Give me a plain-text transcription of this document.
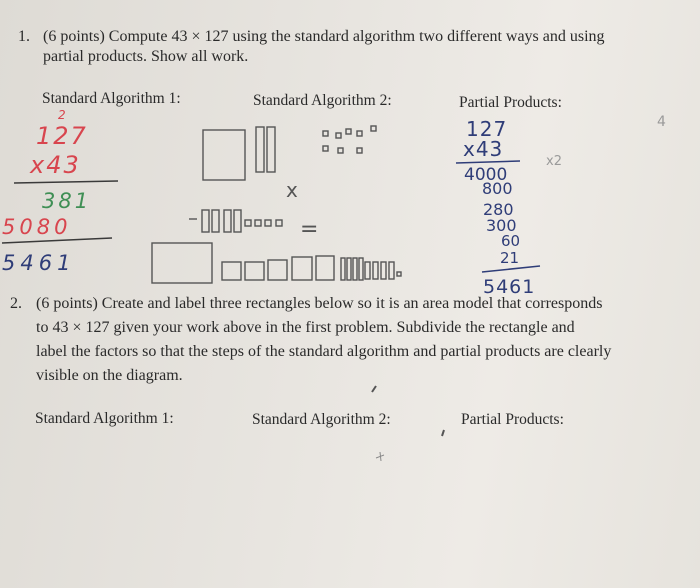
1. (6 points) Compute 43 × 127 using the standard algorithm two different ways and using
partial products. Show all work.
Standard Algorithm 1:	Standard Algorithm 2:	Partial Products:
2. (6 points) Create and label three rectangles below so it is an area model that corresponds
to 43 × 127 given your work above in the first problem. Subdivide the rectangle and
label the factors so that the steps of the standard algorithm and partial products are clearly
visible on the diagram.
Standard Algorithm 1:	Standard Algorithm 2:	Partial Products:
2
127
x43
381
5080
5461
x
=
127
x43
x2
4000
800
280
300
60
21
5461
4
